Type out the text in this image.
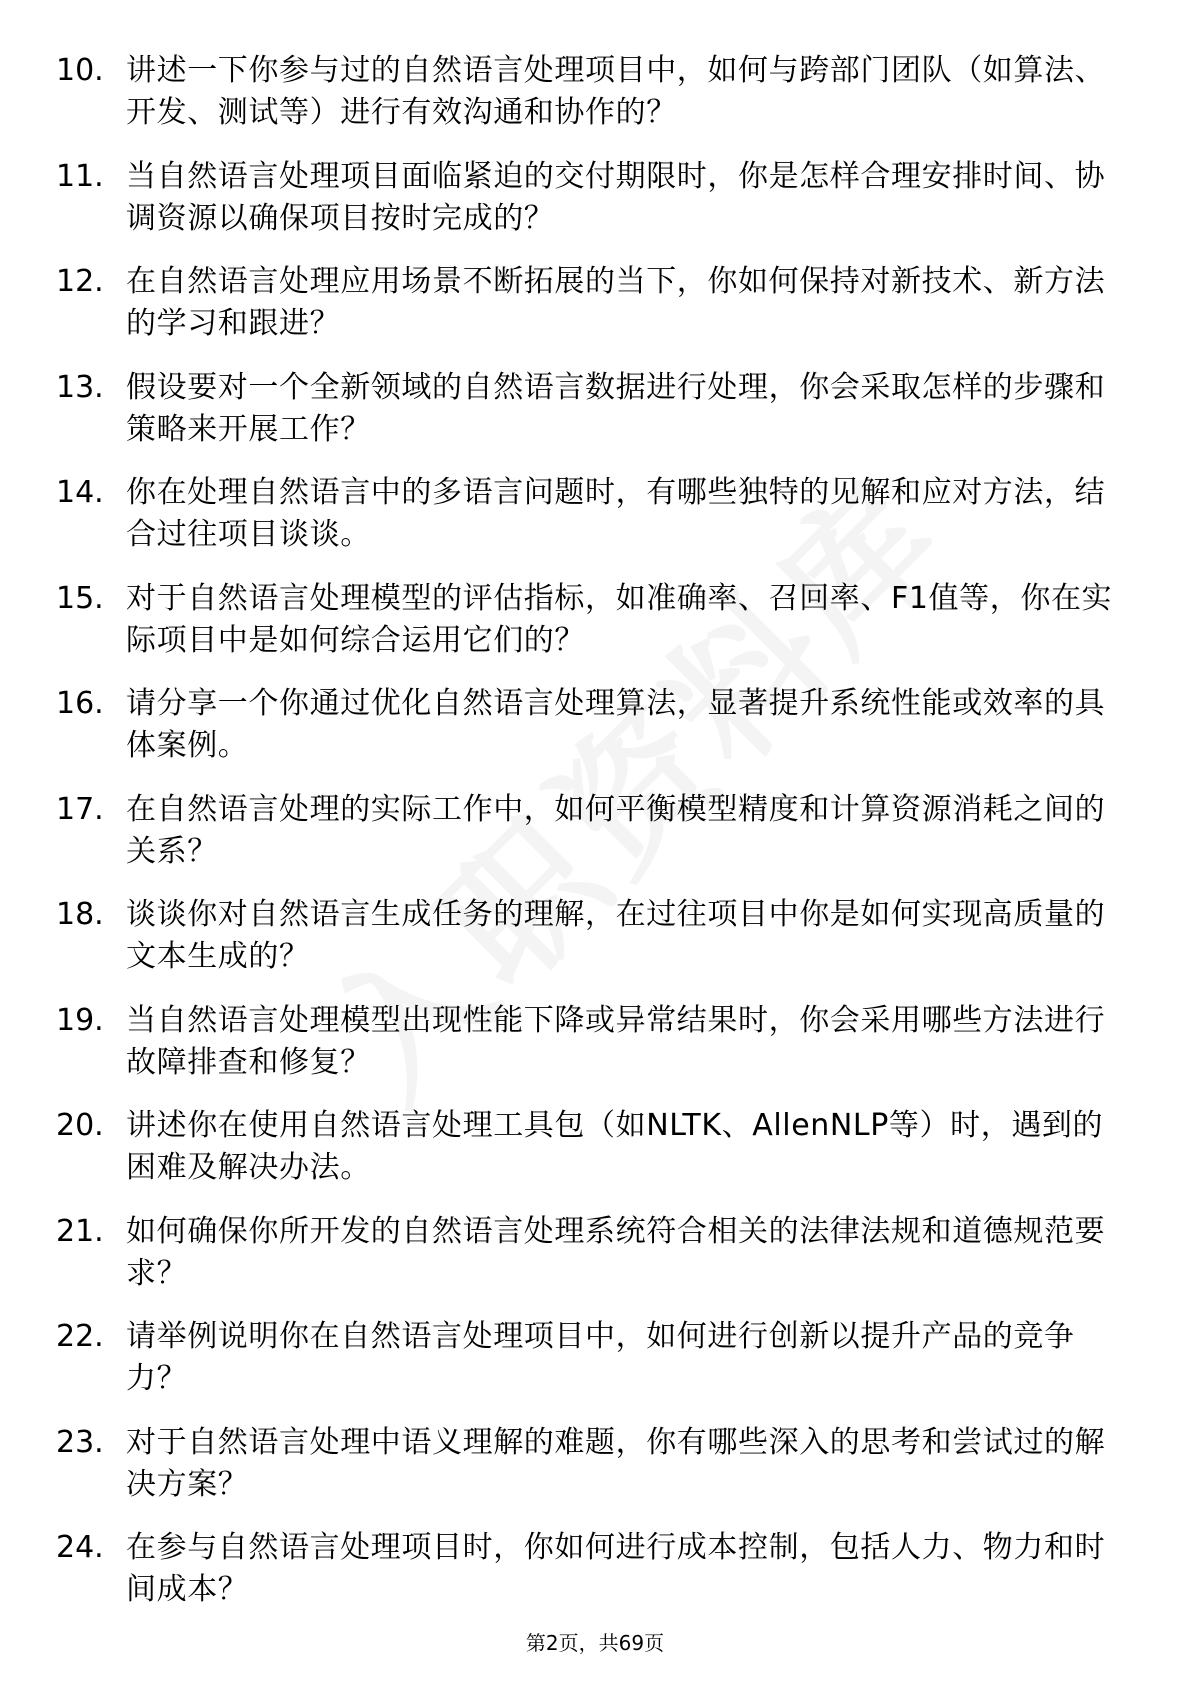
10. 讲述一下你参与过的自然语言处理项目中，如何与跨部门团队（如算法、开发、测试等）进行有效沟通和协作的？
11. 当自然语言处理项目面临紧迫的交付期限时，你是怎样合理安排时间、协调资源以确保项目按时完成的？
12. 在自然语言处理应用场景不断拓展的当下，你如何保持对新技术、新方法的学习和跟进？
13. 假设要对一个全新领域的自然语言数据进行处理，你会采取怎样的步骤和策略来开展工作？
14. 你在处理自然语言中的多语言问题时，有哪些独特的见解和应对方法，结合过往项目谈谈。
15. 对于自然语言处理模型的评估指标，如准确率、召回率、F1值等，你在实际项目中是如何综合运用它们的？
16. 请分享一个你通过优化自然语言处理算法，显著提升系统性能或效率的具体案例。
17. 在自然语言处理的实际工作中，如何平衡模型精度和计算资源消耗之间的关系？
18. 谈谈你对自然语言生成任务的理解，在过往项目中你是如何实现高质量的文本生成的？
19. 当自然语言处理模型出现性能下降或异常结果时，你会采用哪些方法进行故障排查和修复？
20. 讲述你在使用自然语言处理工具包（如NLTK、AllenNLP等）时，遇到的困难及解决办法。
21. 如何确保你所开发的自然语言处理系统符合相关的法律法规和道德规范要求？
22. 请举例说明你在自然语言处理项目中，如何进行创新以提升产品的竞争力？
23. 对于自然语言处理中语义理解的难题，你有哪些深入的思考和尝试过的解决方案？
24. 在参与自然语言处理项目时，你如何进行成本控制，包括人力、物力和时间成本？
第2页，共69页
